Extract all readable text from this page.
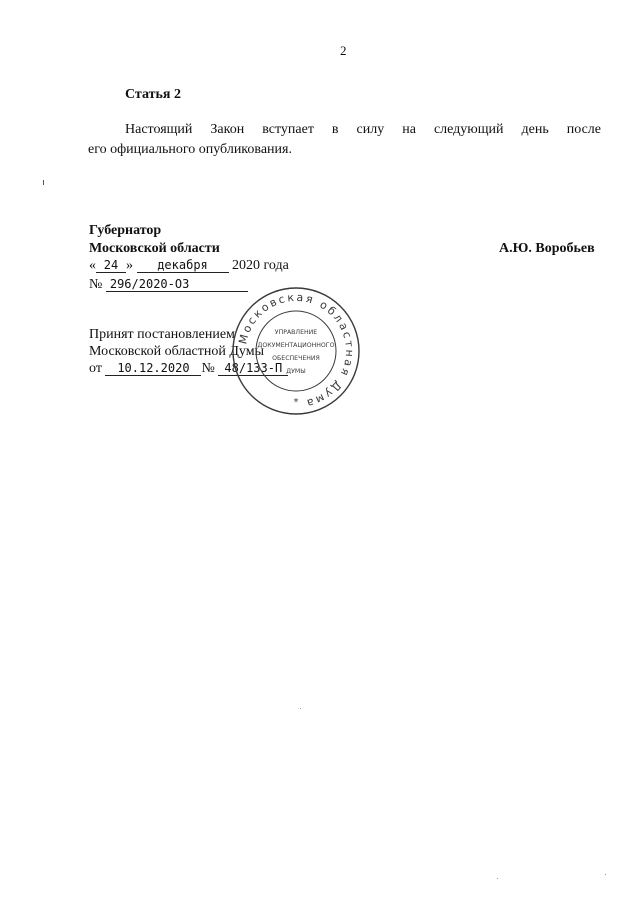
2
Статья 2
Настоящий Закон вступает в силу на следующий день после
его официального опубликования.
Губернатор
Московской области	А.Ю. Воробьев
« 24 » декабря 2020 года
№ 296/2020-ОЗ
Принят постановлением
Московской областной Думы
от 10.12.2020 № 48/133-П
Московская областная Дума
УПРАВЛЕНИЕ
ДОКУМЕНТАЦИОННОГО
ОБЕСПЕЧЕНИЯ
ДУМЫ
*
